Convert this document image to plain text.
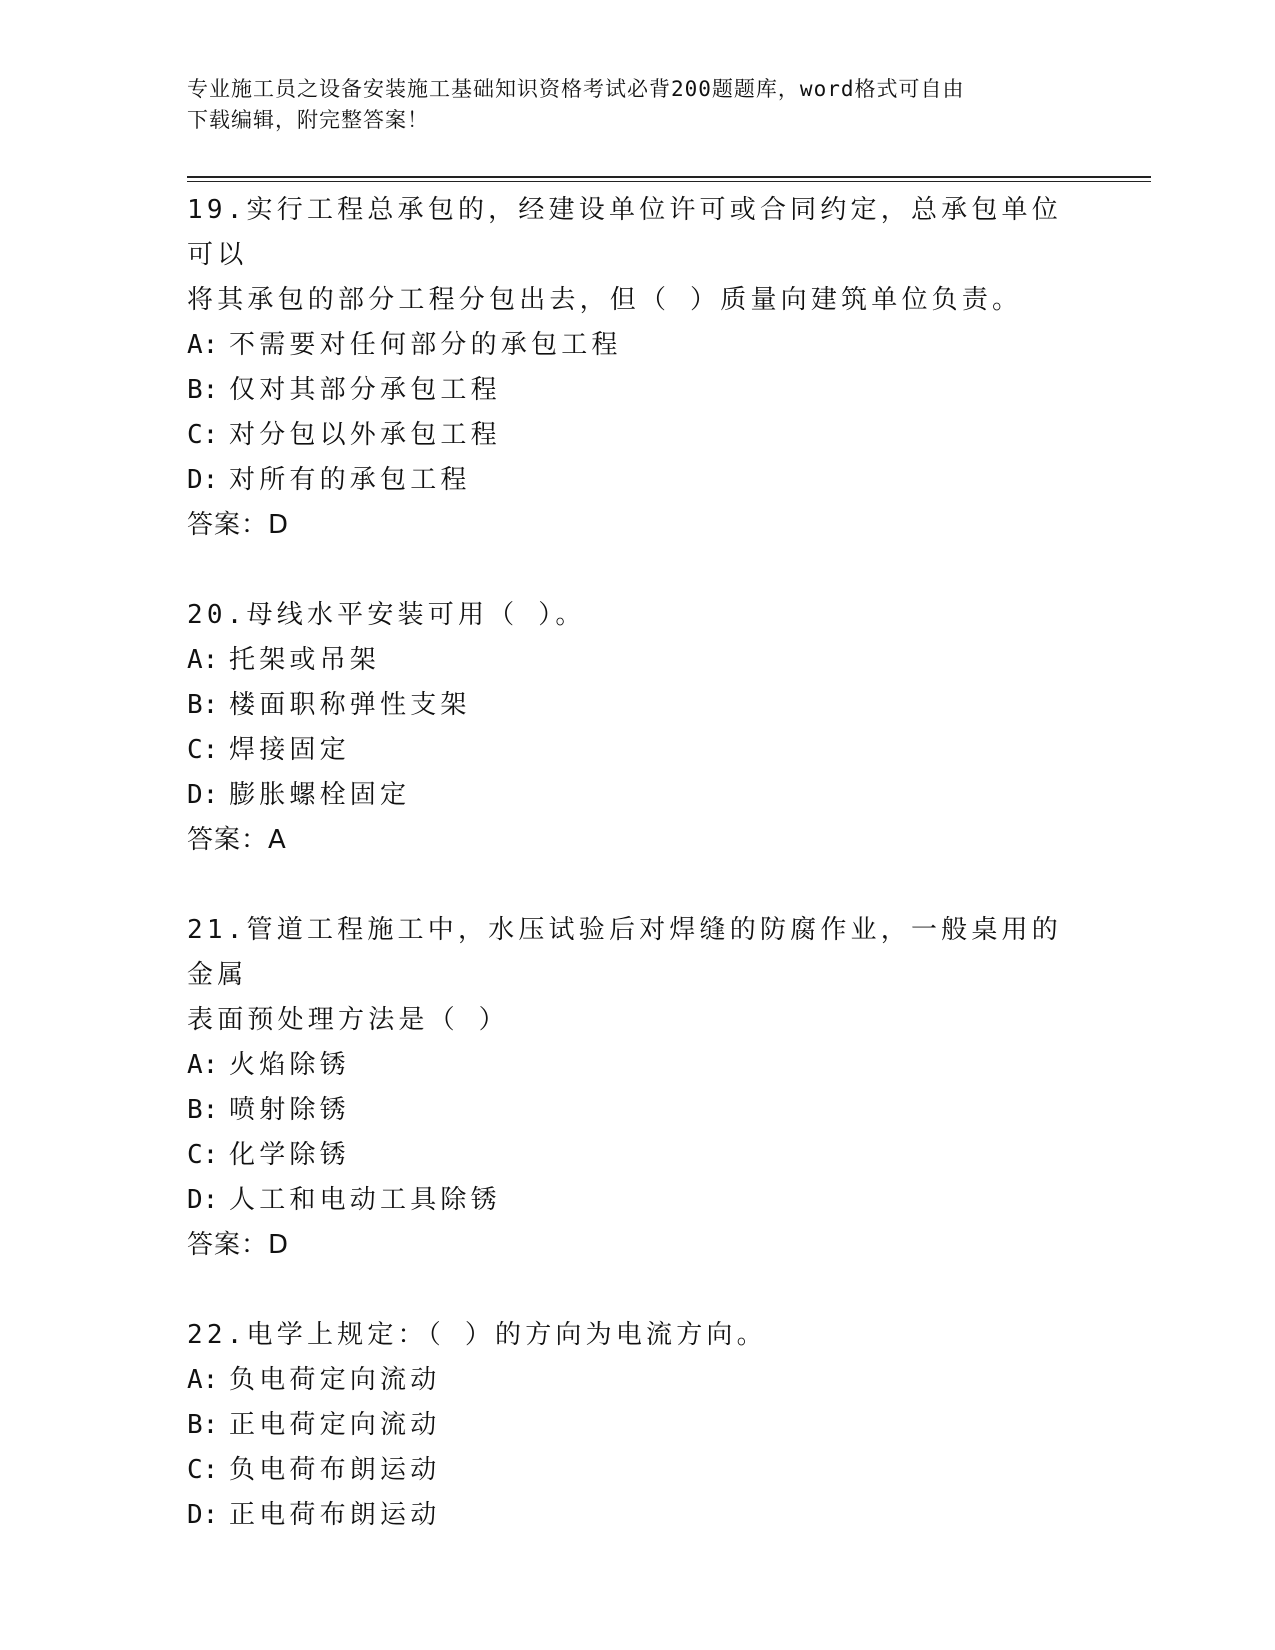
专业施工员之设备安装施工基础知识资格考试必背200题题库，word格式可自由
下载编辑，附完整答案！
19.实行工程总承包的，经建设单位许可或合同约定，总承包单位可以
将其承包的部分工程分包出去，但（ ）质量向建筑单位负责。
A: 不需要对任何部分的承包工程
B: 仅对其部分承包工程
C: 对分包以外承包工程
D: 对所有的承包工程
答案：D
20.母线水平安装可用（ ）。
A: 托架或吊架
B: 楼面职称弹性支架
C: 焊接固定
D: 膨胀螺栓固定
答案：A
21.管道工程施工中，水压试验后对焊缝的防腐作业，一般桌用的金属
表面预处理方法是（ ）
A: 火焰除锈
B: 喷射除锈
C: 化学除锈
D: 人工和电动工具除锈
答案：D
22.电学上规定：（ ）的方向为电流方向。
A: 负电荷定向流动
B: 正电荷定向流动
C: 负电荷布朗运动
D: 正电荷布朗运动
